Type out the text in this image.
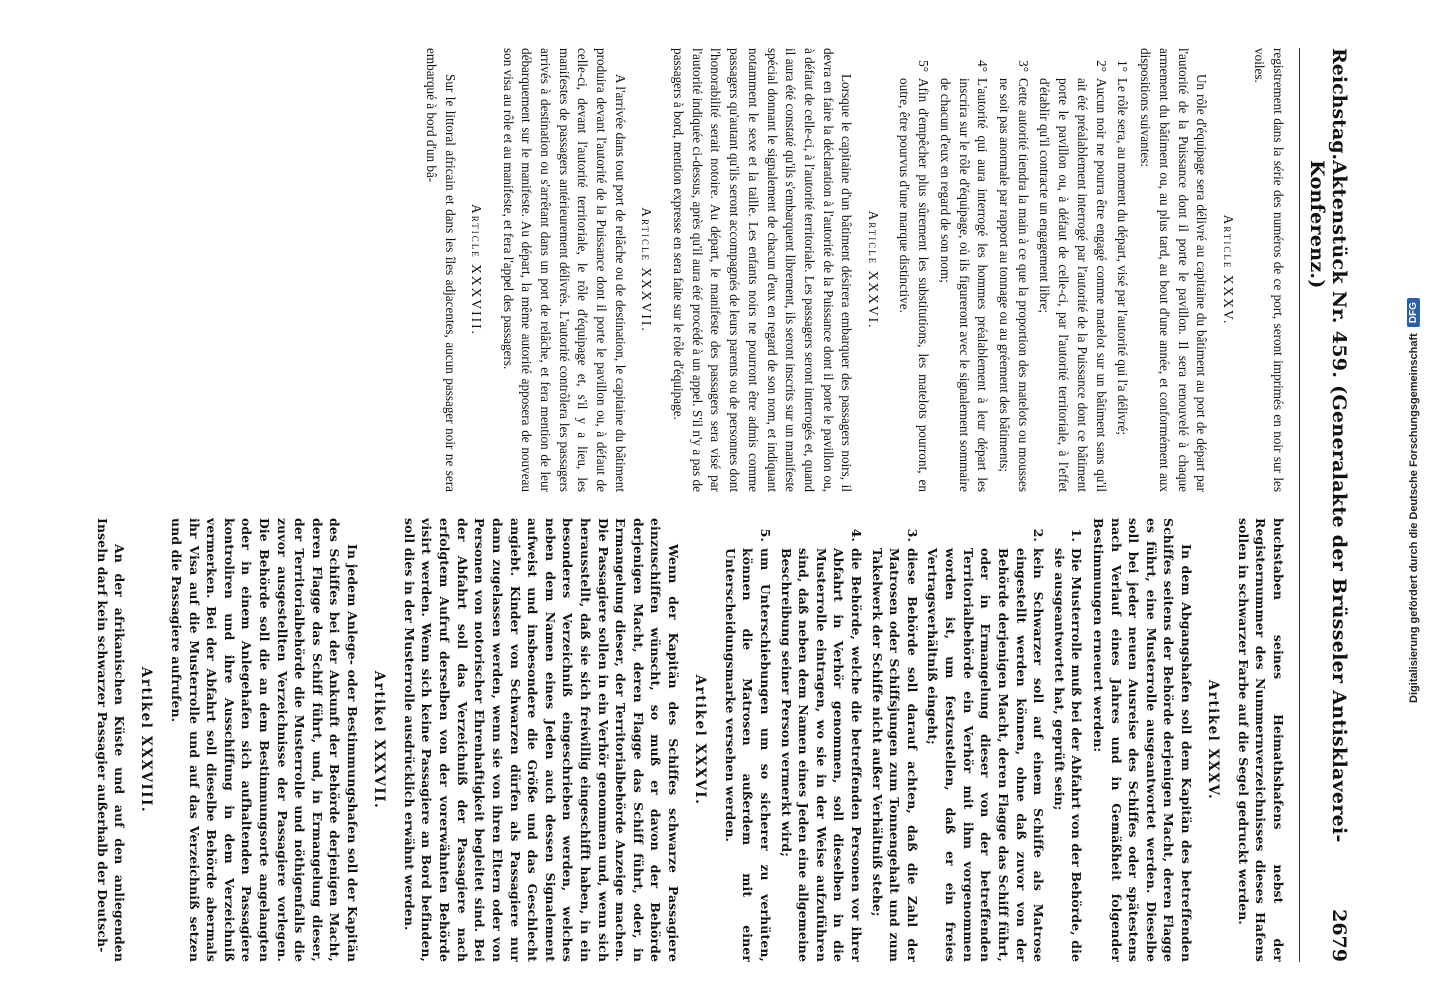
Reichstag.
Aktenstück Nr. 459. (Generalakte der Brüsseler Antisklaverei-Konferenz.)
2679

registrement dans la série des numéros de ce port, seront imprimés en noir sur les voiles.

Article XXXV.

Un rôle d'équipage sera délivré au capitaine du bâtiment au port de départ par l'autorité de la Puissance dont il porte le pavillon. Il sera renouvelé à chaque armement du bâtiment ou, au plus tard, au bout d'une année, et conformément aux dispositions suivantes:

1°
Le rôle sera, au moment du départ, visé par l'autorité qui l'a délivré;
2°
Aucun noir ne pourra être engagé comme matelot sur un bâtiment sans qu'il ait été préalablement interrogé par l'autorité de la Puissance dont ce bâtiment porte le pavillon ou, à défaut de celle-ci, par l'autorité territoriale, à l'effet d'établir qu'il contracte un engagement libre;
3°
Cette autorité tiendra la main à ce que la proportion des matelots ou mousses ne soit pas anormale par rapport au tonnage ou au gréement des bâtiments;
4°
L'autorité qui aura interrogé les hommes préalablement à leur départ les inscrira sur le rôle d'équipage, où ils figureront avec le signalement sommaire de chacun d'eux en regard de son nom;
5°
Afin d'empêcher plus sûrement les substitutions, les matelots pourront, en outre, être pourvus d'une marque distinctive.
Article XXXVI.

Lorsque le capitaine d'un bâtiment désirera embarquer des passagers noirs, il devra en faire la déclaration à l'autorité de la Puissance dont il porte le pavillon ou, à défaut de celle-ci, à l'autorité territoriale. Les passagers seront interrogés et, quand il aura été constaté qu'ils s'embarquent librement, ils seront inscrits sur un manifeste spécial donnant le signalement de chacun d'eux en regard de son nom, et indiquant notamment le sexe et la taille. Les enfants noirs ne pourront être admis comme passagers qu'autant qu'ils seront accompagnés de leurs parents ou de personnes dont l'honorabilité serait notoire. Au départ, le manifeste des passagers sera visé par l'autorité indiquée ci-dessus, après qu'il aura été procédé à un appel. S'il n'y a pas de passagers à bord, mention expresse en sera faite sur le rôle d'équipage.

Article XXXVII.

A l'arrivée dans tout port de relâche ou de destination, le capitaine du bâtiment produira devant l'autorité de la Puissance dont il porte le pavillon ou, à défaut de celle-ci, devant l'autorité territoriale, le rôle d'équipage et, s'il y a lieu, les manifestes de passagers antérieurement délivrés. L'autorité contrôlera les passagers arrivés à destination ou s'arrêtant dans un port de relâche, et fera mention de leur débarquement sur le manifeste. Au départ, la même autorité apposera de nouveau son visa au rôle et au manifeste, et fera l'appel des passagers.

Article XXXVIII.

Sur le littoral africain et dans les îles adjacentes, aucun passager noir ne sera embarqué à bord d'un bâ-

buchstaben seines Heimathshafens nebst der Registernummer des Nummernverzeichnisses dieses Hafens sollen in schwarzer Farbe auf die Segel gedruckt werden.

Artikel XXXV.

In dem Abgangshafen soll dem Kapitän des betreffenden Schiffes seitens der Behörde derjenigen Macht, deren Flagge es führt, eine Musterrolle ausgeantwortet werden. Dieselbe soll bei jeder neuen Ausreise des Schiffes oder spätestens nach Verlauf eines Jahres und in Gemäßheit folgender Bestimmungen erneuert werden:

1.
Die Musterrolle muß bei der Abfahrt von der Behörde, die sie ausgeantwortet hat, geprüft sein;
2.
kein Schwarzer soll auf einem Schiffe als Matrose eingestellt werden können, ohne daß zuvor von der Behörde derjenigen Macht, deren Flagge das Schiff führt, oder in Ermangelung dieser von der betreffenden Territorialbehörde ein Verhör mit ihm vorgenommen worden ist, um festzustellen, daß er ein freies Vertragsverhältniß eingeht;
3.
diese Behörde soll darauf achten, daß die Zahl der Matrosen oder Schiffsjungen zum Tonnengehalt und zum Takelwerk der Schiffe nicht außer Verhältniß stehe;
4.
die Behörde, welche die betreffenden Personen vor ihrer Abfahrt in Verhör genommen, soll dieselben in die Musterrolle eintragen, wo sie in der Weise aufzuführen sind, daß neben dem Namen eines Jeden eine allgemeine Beschreibung seiner Person vermerkt wird;
5.
um Unterschiebungen um so sicherer zu verhüten, können die Matrosen außerdem mit einer Unterscheidungsmarke versehen werden.
Artikel XXXVI.

Wenn der Kapitän des Schiffes schwarze Passagiere einzuschiffen wünscht, so muß er davon der Behörde derjenigen Macht, deren Flagge das Schiff führt, oder, in Ermangelung dieser, der Territorialbehörde Anzeige machen. Die Passagiere sollen in ein Verhör genommen und, wenn sich herausstellt, daß sie sich freiwillig eingeschifft haben, in ein besonderes Verzeichniß eingeschrieben werden, welches neben dem Namen eines Jeden auch dessen Signalement aufweist und insbesondere die Größe und das Geschlecht angiebt. Kinder von Schwarzen dürfen als Passagiere nur dann zugelassen werden, wenn sie von ihren Eltern oder von Personen von notorischer Ehrenhaftigkeit begleitet sind. Bei der Abfahrt soll das Verzeichniß der Passagiere nach erfolgtem Aufruf derselben von der vorerwähnten Behörde visirt werden. Wenn sich keine Passagiere an Bord befinden, soll dies in der Musterrolle ausdrücklich erwähnt werden.

Artikel XXXVII.

In jedem Anlege- oder Bestimmungshafen soll der Kapitän des Schiffes bei der Ankunft der Behörde derjenigen Macht, deren Flagge das Schiff führt, und, in Ermangelung dieser, der Territorialbehörde die Musterrolle und nöthigenfalls die zuvor ausgestellten Verzeichnisse der Passagiere vorlegen. Die Behörde soll die an dem Bestimmungsorte angelangten oder in einem Anlegehafen sich aufhaltenden Passagiere kontroliren und ihre Ausschiffung in dem Verzeichniß vermerken. Bei der Abfahrt soll dieselbe Behörde abermals ihr Visa auf die Musterrolle und auf das Verzeichniß setzen und die Passagiere aufrufen.

Artikel XXXVIII.

An der afrikanischen Küste und auf den anliegenden Inseln darf kein schwarzer Passagier außerhalb der Deutsch-

Digitalisierung gefördert durch die Deutsche Forschungsgemeinschaft
DFG
